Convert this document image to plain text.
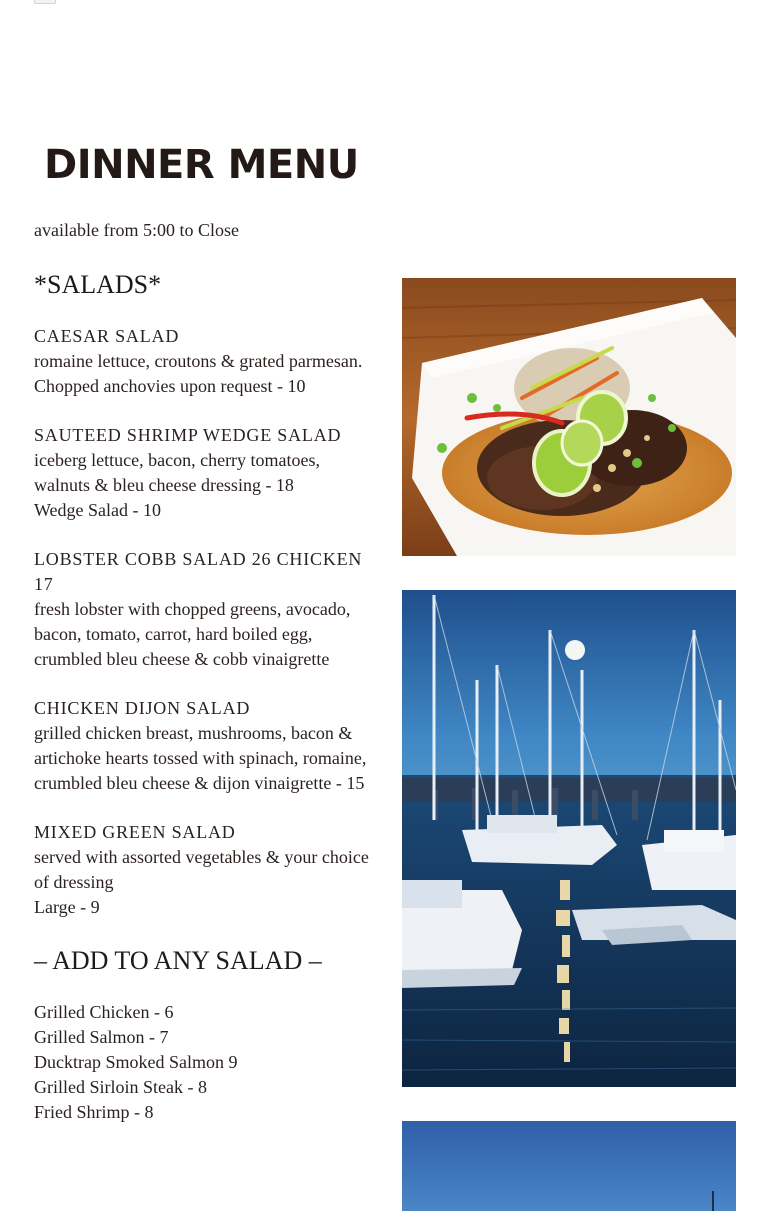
DINNER MENU
available from 5:00 to Close
*SALADS*
CAESAR SALAD
romaine lettuce, croutons & grated parmesan. Chopped anchovies upon request - 10
SAUTEED SHRIMP WEDGE SALAD
iceberg lettuce, bacon, cherry tomatoes, walnuts & bleu cheese dressing - 18
Wedge Salad - 10
LOBSTER COBB SALAD 26 CHICKEN 17
fresh lobster with chopped greens, avocado, bacon, tomato, carrot, hard boiled egg, crumbled bleu cheese & cobb vinaigrette
CHICKEN DIJON SALAD
grilled chicken breast, mushrooms, bacon & artichoke hearts tossed with spinach, romaine, crumbled bleu cheese & dijon vinaigrette - 15
MIXED GREEN SALAD
served with assorted vegetables & your choice of dressing
Large - 9
– ADD TO ANY SALAD –
Grilled Chicken - 6
Grilled Salmon - 7
Ducktrap Smoked Salmon 9
Grilled Sirloin Steak - 8
Fried Shrimp - 8
